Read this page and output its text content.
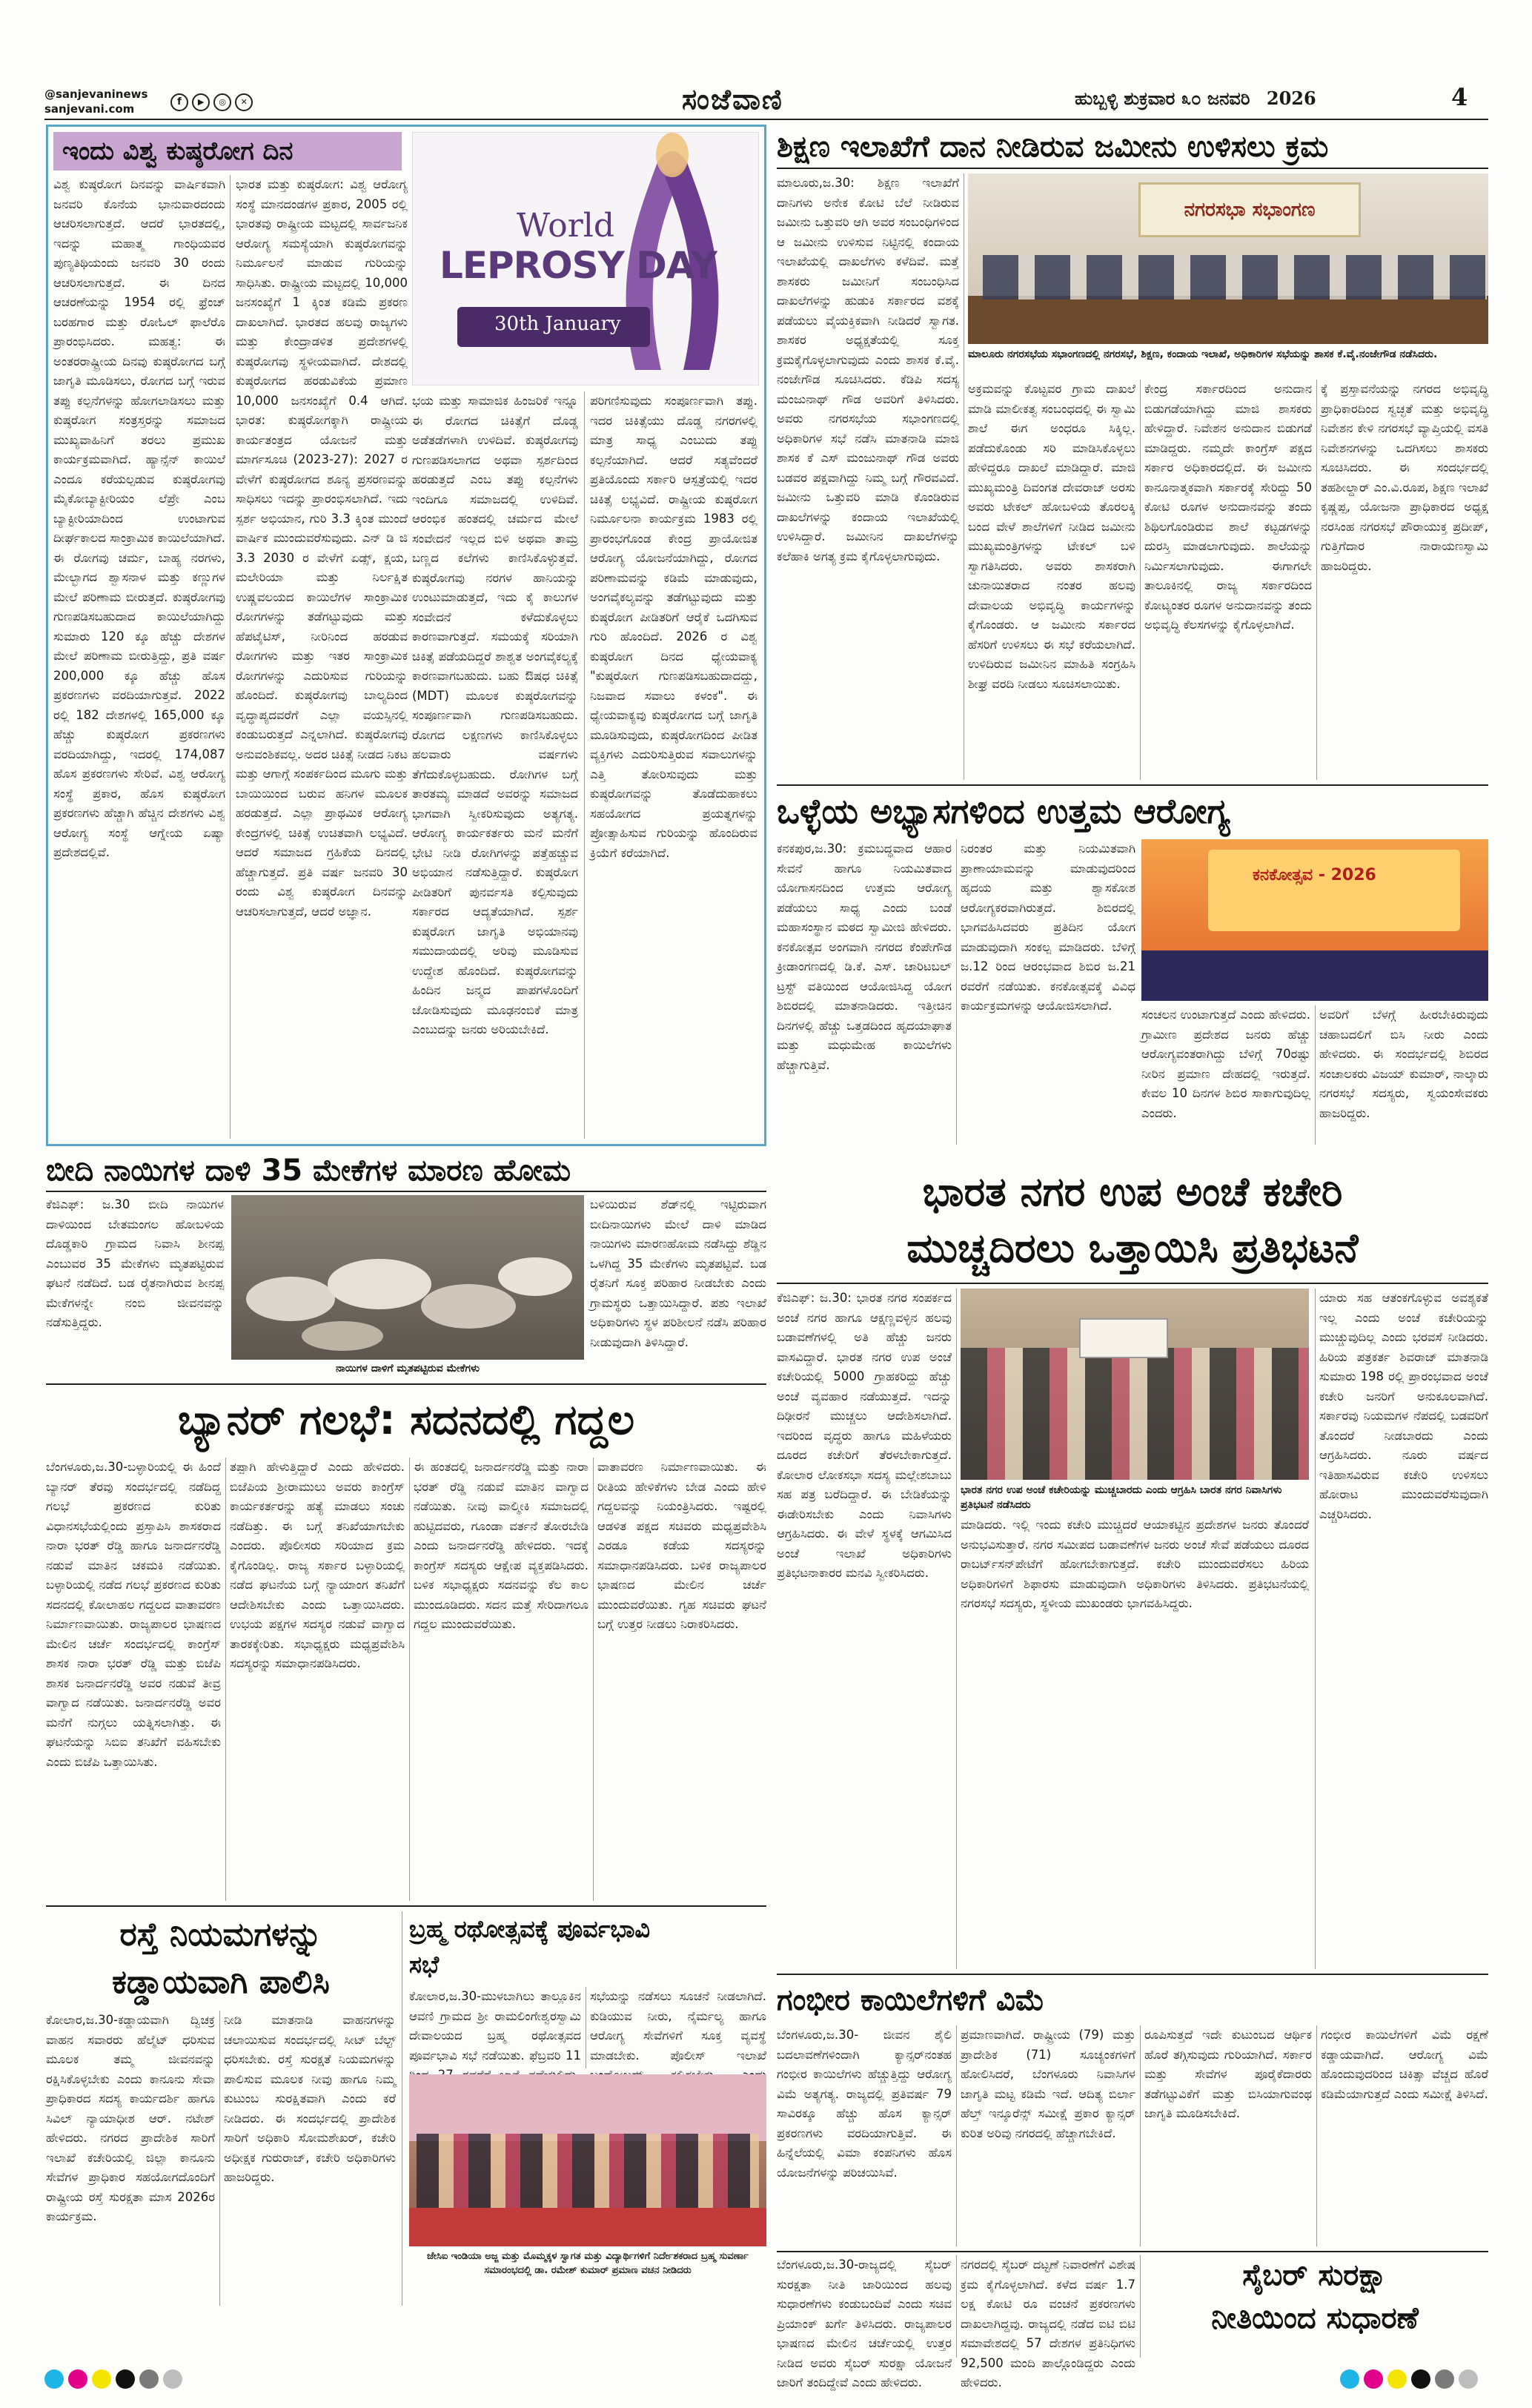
@sanjevaninews
sanjevani.com
f ▶ ◎ ✕	ಸಂಜೆವಾಣಿ	ಹುಬ್ಬಳ್ಳಿ ಶುಕ್ರವಾರ ೩೦ ಜನವರಿ 2026	4
ಇಂದು ವಿಶ್ವ ಕುಷ್ಠರೋಗ ದಿನ
ವಿಶ್ವ ಕುಷ್ಠರೋಗ ದಿನವನ್ನು ವಾರ್ಷಿಕವಾಗಿ ಜನವರಿ ಕೊನೆಯ ಭಾನುವಾರದಂದು ಆಚರಿಸಲಾಗುತ್ತದೆ. ಆದರೆ ಭಾರತದಲ್ಲಿ, ಇದನ್ನು ಮಹಾತ್ಮ ಗಾಂಧಿಯವರ ಪುಣ್ಯತಿಥಿಯಂದು ಜನವರಿ 30 ರಂದು ಆಚರಿಸಲಾಗುತ್ತದೆ. ಈ ದಿನದ ಆಚರಣೆಯನ್ನು 1954 ರಲ್ಲಿ ಫ್ರೆಂಚ್ ಬರಹಗಾರ ಮತ್ತು ರೋಓಲ್ ಫಾಲೆರೊ ಪ್ರಾರಂಭಿಸಿದರು. ಮಹತ್ವ: ಈ ಅಂತರರಾಷ್ಟ್ರೀಯ ದಿನವು ಕುಷ್ಠರೋಗದ ಬಗ್ಗೆ ಜಾಗೃತಿ ಮೂಡಿಸಲು, ರೋಗದ ಬಗ್ಗೆ ಇರುವ ತಪ್ಪು ಕಲ್ಪನೆಗಳನ್ನು ಹೋಗಲಾಡಿಸಲು ಮತ್ತು ಕುಷ್ಠರೋಗ ಸಂತ್ರಸ್ತರನ್ನು ಸಮಾಜದ ಮುಖ್ಯವಾಹಿನಿಗೆ ತರಲು ಪ್ರಮುಖ ಕಾರ್ಯಕ್ರಮವಾಗಿದೆ. ಹ್ಯಾನ್ಸೆನ್ ಕಾಯಿಲೆ ಎಂದೂ ಕರೆಯಲ್ಪಡುವ ಕುಷ್ಠರೋಗವು ಮೈಕೋಬ್ಯಾಕ್ಟೀರಿಯಂ ಲೆಪ್ರೇ ಎಂಬ ಬ್ಯಾಕ್ಟೀರಿಯಾದಿಂದ ಉಂಟಾಗುವ ದೀರ್ಘಕಾಲದ ಸಾಂಕ್ರಾಮಿಕ ಕಾಯಿಲೆಯಾಗಿದೆ. ಈ ರೋಗವು ಚರ್ಮ, ಬಾಹ್ಯ ನರಗಳು, ಮೇಲ್ಭಾಗದ ಶ್ವಾಸನಾಳ ಮತ್ತು ಕಣ್ಣುಗಳ ಮೇಲೆ ಪರಿಣಾಮ ಬೀರುತ್ತದೆ. ಕುಷ್ಠರೋಗವು ಗುಣಪಡಿಸಬಹುದಾದ ಕಾಯಿಲೆಯಾಗಿದ್ದು ಸುಮಾರು 120 ಕ್ಕೂ ಹೆಚ್ಚು ದೇಶಗಳ ಮೇಲೆ ಪರಿಣಾಮ ಬೀರುತ್ತಿದ್ದು, ಪ್ರತಿ ವರ್ಷ 200,000 ಕ್ಕೂ ಹೆಚ್ಚು ಹೊಸ ಪ್ರಕರಣಗಳು ವರದಿಯಾಗುತ್ತವೆ. 2022 ರಲ್ಲಿ 182 ದೇಶಗಳಲ್ಲಿ 165,000 ಕ್ಕೂ ಹೆಚ್ಚು ಕುಷ್ಠರೋಗ ಪ್ರಕರಣಗಳು ವರದಿಯಾಗಿದ್ದು, ಇದರಲ್ಲಿ 174,087 ಹೊಸ ಪ್ರಕರಣಗಳು ಸೇರಿವೆ. ವಿಶ್ವ ಆರೋಗ್ಯ ಸಂಸ್ಥೆ ಪ್ರಕಾರ, ಹೊಸ ಕುಷ್ಠರೋಗ ಪ್ರಕರಣಗಳು ಹೆಚ್ಚಾಗಿ ಹೆಚ್ಚಿನ ದೇಶಗಳು ವಿಶ್ವ ಆರೋಗ್ಯ ಸಂಸ್ಥೆ ಆಗ್ನೇಯ ಏಷ್ಯಾ ಪ್ರದೇಶದಲ್ಲಿವೆ.
ಭಾರತ ಮತ್ತು ಕುಷ್ಠರೋಗ: ವಿಶ್ವ ಆರೋಗ್ಯ ಸಂಸ್ಥೆ ಮಾನದಂಡಗಳ ಪ್ರಕಾರ, 2005 ರಲ್ಲಿ ಭಾರತವು ರಾಷ್ಟ್ರೀಯ ಮಟ್ಟದಲ್ಲಿ ಸಾರ್ವಜನಿಕ ಆರೋಗ್ಯ ಸಮಸ್ಯೆಯಾಗಿ ಕುಷ್ಠರೋಗವನ್ನು ನಿರ್ಮೂಲನೆ ಮಾಡುವ ಗುರಿಯನ್ನು ಸಾಧಿಸಿತು. ರಾಷ್ಟ್ರೀಯ ಮಟ್ಟದಲ್ಲಿ 10,000 ಜನಸಂಖ್ಯೆಗೆ 1 ಕ್ಕಿಂತ ಕಡಿಮೆ ಪ್ರಕರಣ ದಾಖಲಾಗಿದೆ. ಭಾರತದ ಹಲವು ರಾಜ್ಯಗಳು ಮತ್ತು ಕೇಂದ್ರಾಡಳಿತ ಪ್ರದೇಶಗಳಲ್ಲಿ ಕುಷ್ಠರೋಗವು ಸ್ಥಳೀಯವಾಗಿದೆ. ದೇಶದಲ್ಲಿ ಕುಷ್ಠರೋಗದ ಹರಡುವಿಕೆಯ ಪ್ರಮಾಣ 10,000 ಜನಸಂಖ್ಯೆಗೆ 0.4 ಆಗಿದೆ. ಭಾರತ: ಕುಷ್ಠರೋಗಕ್ಕಾಗಿ ರಾಷ್ಟ್ರೀಯ ಕಾರ್ಯತಂತ್ರದ ಯೋಜನೆ ಮತ್ತು ಮಾರ್ಗಸೂಚಿ (2023-27): 2027 ರ ವೇಳೆಗೆ ಕುಷ್ಠರೋಗದ ಶೂನ್ಯ ಪ್ರಸರಣವನ್ನು ಸಾಧಿಸಲು ಇದನ್ನು ಪ್ರಾರಂಭಿಸಲಾಗಿದೆ. ಇದು ಸ್ಪರ್ಶ ಅಭಿಯಾನ, ಗುರಿ 3.3 ಕ್ಕಿಂತ ಮುಂದೆ ವಾರ್ಷಿಕ ಮುಂದುವರೆಸುವುದು. ಎನ್ ಡಿ ಜಿ 3.3 2030 ರ ವೇಳೆಗೆ ಏಡ್ಸ್, ಕ್ಷಯ, ಮಲೇರಿಯಾ ಮತ್ತು ನಿರ್ಲಕ್ಷಿತ ಉಷ್ಣವಲಯದ ಕಾಯಿಲೆಗಳ ಸಾಂಕ್ರಾಮಿಕ ರೋಗಗಳನ್ನು ತಡೆಗಟ್ಟುವುದು ಮತ್ತು ಹೆಪಟೈಟಿಸ್, ನೀರಿನಿಂದ ಹರಡುವ ರೋಗಗಳು ಮತ್ತು ಇತರ ಸಾಂಕ್ರಾಮಿಕ ರೋಗಗಳನ್ನು ಎದುರಿಸುವ ಗುರಿಯನ್ನು ಹೊಂದಿದೆ. ಕುಷ್ಠರೋಗವು ಬಾಲ್ಯದಿಂದ ವೃದ್ಧಾಪ್ಯದವರೆಗೆ ಎಲ್ಲಾ ವಯಸ್ಸಿನಲ್ಲಿ ಕಂಡುಬರುತ್ತದೆ ಎನ್ನಲಾಗಿದೆ. ಕುಷ್ಠರೋಗವು ಅನುವಂಶಿಕವಲ್ಲ. ಅದರ ಚಿಕಿತ್ಸೆ ನೀಡದ ನಿಕಟ ಮತ್ತು ಆಗಾಗ್ಗೆ ಸಂಪರ್ಕದಿಂದ ಮೂಗು ಮತ್ತು ಬಾಯಿಯಿಂದ ಬರುವ ಹನಿಗಳ ಮೂಲಕ ಹರಡುತ್ತದೆ. ಎಲ್ಲಾ ಪ್ರಾಥಮಿಕ ಆರೋಗ್ಯ ಕೇಂದ್ರಗಳಲ್ಲಿ ಚಿಕಿತ್ಸೆ ಉಚಿತವಾಗಿ ಲಭ್ಯವಿದೆ. ಆದರೆ ಸಮಾಜದ ಗ್ರಹಿಕೆಯ ದಿನದಲ್ಲಿ ಹೆಚ್ಚಾಗುತ್ತದೆ. ಪ್ರತಿ ವರ್ಷ ಜನವರಿ 30 ರಂದು ವಿಶ್ವ ಕುಷ್ಠರೋಗ ದಿನವನ್ನು ಆಚರಿಸಲಾಗುತ್ತದೆ, ಆದರೆ ಅಜ್ಞಾನ.
World
LEPROSY DAY
30th January
ಭಯ ಮತ್ತು ಸಾಮಾಜಿಕ ಹಿಂಜರಿಕೆ ಇನ್ನೂ ಈ ರೋಗದ ಚಿಕಿತ್ಸೆಗೆ ದೊಡ್ಡ ಅಡೆತಡೆಗಳಾಗಿ ಉಳಿದಿವೆ. ಕುಷ್ಠರೋಗವು ಗುಣಪಡಿಸಲಾಗದ ಅಥವಾ ಸ್ಪರ್ಶದಿಂದ ಹರಡುತ್ತದೆ ಎಂಬ ತಪ್ಪು ಕಲ್ಪನೆಗಳು ಇಂದಿಗೂ ಸಮಾಜದಲ್ಲಿ ಉಳಿದಿವೆ. ಆರಂಭಿಕ ಹಂತದಲ್ಲಿ ಚರ್ಮದ ಮೇಲೆ ಸಂವೇದನೆ ಇಲ್ಲದ ಬಿಳಿ ಅಥವಾ ತಾಮ್ರ ಬಣ್ಣದ ಕಲೆಗಳು ಕಾಣಿಸಿಕೊಳ್ಳುತ್ತವೆ. ಕುಷ್ಠರೋಗವು ನರಗಳ ಹಾನಿಯನ್ನು ಉಂಟುಮಾಡುತ್ತದೆ, ಇದು ಕೈ ಕಾಲುಗಳ ಸಂವೇದನೆ ಕಳೆದುಕೊಳ್ಳಲು ಕಾರಣವಾಗುತ್ತದೆ. ಸಮಯಕ್ಕೆ ಸರಿಯಾಗಿ ಚಿಕಿತ್ಸೆ ಪಡೆಯದಿದ್ದರೆ ಶಾಶ್ವತ ಅಂಗವೈಕಲ್ಯಕ್ಕೆ ಕಾರಣವಾಗಬಹುದು. ಬಹು ಔಷಧ ಚಿಕಿತ್ಸೆ (MDT) ಮೂಲಕ ಕುಷ್ಠರೋಗವನ್ನು ಸಂಪೂರ್ಣವಾಗಿ ಗುಣಪಡಿಸಬಹುದು. ರೋಗದ ಲಕ್ಷಣಗಳು ಕಾಣಿಸಿಕೊಳ್ಳಲು ಹಲವಾರು ವರ್ಷಗಳು ತೆಗೆದುಕೊಳ್ಳಬಹುದು. ರೋಗಿಗಳ ಬಗ್ಗೆ ತಾರತಮ್ಯ ಮಾಡದೆ ಅವರನ್ನು ಸಮಾಜದ ಭಾಗವಾಗಿ ಸ್ವೀಕರಿಸುವುದು ಅತ್ಯಗತ್ಯ. ಆರೋಗ್ಯ ಕಾರ್ಯಕರ್ತರು ಮನೆ ಮನೆಗೆ ಭೇಟಿ ನೀಡಿ ರೋಗಿಗಳನ್ನು ಪತ್ತೆಹಚ್ಚುವ ಅಭಿಯಾನ ನಡೆಸುತ್ತಿದ್ದಾರೆ. ಕುಷ್ಠರೋಗ ಪೀಡಿತರಿಗೆ ಪುನರ್ವಸತಿ ಕಲ್ಪಿಸುವುದು ಸರ್ಕಾರದ ಆದ್ಯತೆಯಾಗಿದೆ. ಸ್ಪರ್ಶ ಕುಷ್ಠರೋಗ ಜಾಗೃತಿ ಅಭಿಯಾನವು ಸಮುದಾಯದಲ್ಲಿ ಅರಿವು ಮೂಡಿಸುವ ಉದ್ದೇಶ ಹೊಂದಿದೆ. ಕುಷ್ಠರೋಗವನ್ನು ಹಿಂದಿನ ಜನ್ಮದ ಪಾಪಗಳೊಂದಿಗೆ ಜೋಡಿಸುವುದು ಮೂಢನಂಬಿಕೆ ಮಾತ್ರ ಎಂಬುದನ್ನು ಜನರು ಅರಿಯಬೇಕಿದೆ.
ಪರಿಗಣಿಸುವುದು ಸಂಪೂರ್ಣವಾಗಿ ತಪ್ಪು. ಇದರ ಚಿಕಿತ್ಸೆಯು ದೊಡ್ಡ ನಗರಗಳಲ್ಲಿ ಮಾತ್ರ ಸಾಧ್ಯ ಎಂಬುದು ತಪ್ಪು ಕಲ್ಪನೆಯಾಗಿದೆ. ಆದರೆ ಸತ್ಯವೆಂದರೆ ಪ್ರತಿಯೊಂದು ಸರ್ಕಾರಿ ಆಸ್ಪತ್ರೆಯಲ್ಲಿ ಇದರ ಚಿಕಿತ್ಸೆ ಲಭ್ಯವಿದೆ. ರಾಷ್ಟ್ರೀಯ ಕುಷ್ಠರೋಗ ನಿರ್ಮೂಲನಾ ಕಾರ್ಯಕ್ರಮ 1983 ರಲ್ಲಿ ಪ್ರಾರಂಭಗೊಂಡ ಕೇಂದ್ರ ಪ್ರಾಯೋಜಿತ ಆರೋಗ್ಯ ಯೋಜನೆಯಾಗಿದ್ದು, ರೋಗದ ಪರಿಣಾಮವನ್ನು ಕಡಿಮೆ ಮಾಡುವುದು, ಅಂಗವೈಕಲ್ಯವನ್ನು ತಡೆಗಟ್ಟುವುದು ಮತ್ತು ಕುಷ್ಠರೋಗ ಪೀಡಿತರಿಗೆ ಆರೈಕೆ ಒದಗಿಸುವ ಗುರಿ ಹೊಂದಿದೆ. 2026 ರ ವಿಶ್ವ ಕುಷ್ಠರೋಗ ದಿನದ ಧ್ಯೇಯವಾಕ್ಯ "ಕುಷ್ಠರೋಗ ಗುಣಪಡಿಸಬಹುದಾದದ್ದು, ನಿಜವಾದ ಸವಾಲು ಕಳಂಕ". ಈ ಧ್ಯೇಯವಾಕ್ಯವು ಕುಷ್ಠರೋಗದ ಬಗ್ಗೆ ಜಾಗೃತಿ ಮೂಡಿಸುವುದು, ಕುಷ್ಠರೋಗದಿಂದ ಪೀಡಿತ ವ್ಯಕ್ತಿಗಳು ಎದುರಿಸುತ್ತಿರುವ ಸವಾಲುಗಳನ್ನು ಎತ್ತಿ ತೋರಿಸುವುದು ಮತ್ತು ಕುಷ್ಠರೋಗವನ್ನು ತೊಡೆದುಹಾಕಲು ಸಹಯೋಗದ ಪ್ರಯತ್ನಗಳನ್ನು ಪ್ರೋತ್ಸಾಹಿಸುವ ಗುರಿಯನ್ನು ಹೊಂದಿರುವ ಕ್ರಿಯೆಗೆ ಕರೆಯಾಗಿದೆ.
ಶಿಕ್ಷಣ ಇಲಾಖೆಗೆ ದಾನ ನೀಡಿರುವ ಜಮೀನು ಉಳಿಸಲು ಕ್ರಮ
ಮಾಲೂರು,ಜ.30: ಶಿಕ್ಷಣ ಇಲಾಖೆಗೆ ದಾನಿಗಳು ಅನೇಕ ಕೋಟಿ ಬೆಲೆ ನೀಡಿರುವ ಜಮೀನು ಒತ್ತುವರಿ ಆಗಿ ಅವರ ಸಂಬಂಧಿಗಳಿಂದ ಆ ಜಮೀನು ಉಳಿಸುವ ನಿಟ್ಟಿನಲ್ಲಿ ಕಂದಾಯ ಇಲಾಖೆಯಲ್ಲಿ ದಾಖಲೆಗಳು ಕಳೆದಿವೆ. ಮತ್ತೆ ಶಾಸಕರು ಜಮೀನಿಗೆ ಸಂಬಂಧಿಸಿದ ದಾಖಲೆಗಳನ್ನು ಹುಡುಕಿ ಸರ್ಕಾರದ ವಶಕ್ಕೆ ಪಡೆಯಲು ವೈಯಕ್ತಿಕವಾಗಿ ನೀಡಿದರೆ ಸ್ವಾಗತ. ಶಾಸಕರ ಅಧ್ಯಕ್ಷತೆಯಲ್ಲಿ ಸೂಕ್ತ ಕ್ರಮಕೈಗೊಳ್ಳಲಾಗುವುದು ಎಂದು ಶಾಸಕ ಕೆ.ವೈ. ನಂಜೇಗೌಡ ಸೂಚಿಸಿದರು. ಕೆಡಿಪಿ ಸದಸ್ಯ ಮಂಜುನಾಥ್ ಗೌಡ ಅವರಿಗೆ ತಿಳಿಸಿದರು. ಅವರು ನಗರಸಭೆಯ ಸಭಾಂಗಣದಲ್ಲಿ ಅಧಿಕಾರಿಗಳ ಸಭೆ ನಡೆಸಿ ಮಾತನಾಡಿ ಮಾಜಿ ಶಾಸಕ ಕೆ ಎಸ್ ಮಂಜುನಾಥ್ ಗೌಡ ಅವರು ಬಡವರ ಪಕ್ಷವಾಗಿದ್ದು ನಿಮ್ಮ ಬಗ್ಗೆ ಗೌರವವಿದೆ. ಜಮೀನು ಒತ್ತುವರಿ ಮಾಡಿ ಕೊಂಡಿರುವ ದಾಖಲೆಗಳನ್ನು ಕಂದಾಯ ಇಲಾಖೆಯಲ್ಲಿ ಉಳಿಸಿದ್ದಾರೆ. ಜಮೀನಿನ ದಾಖಲೆಗಳನ್ನು ಕಲೆಹಾಕಿ ಅಗತ್ಯ ಕ್ರಮ ಕೈಗೊಳ್ಳಲಾಗುವುದು.
ನಗರಸಭಾ ಸಭಾಂಗಣ
ಮಾಲೂರು ನಗರಸಭೆಯ ಸಭಾಂಗಣದಲ್ಲಿ ನಗರಸಭೆ, ಶಿಕ್ಷಣ, ಕಂದಾಯ ಇಲಾಖೆ, ಅಧಿಕಾರಿಗಳ ಸಭೆಯನ್ನು ಶಾಸಕ ಕೆ.ವೈ.ನಂಜೇಗೌಡ ನಡೆಸಿದರು.
ಅಕ್ರಮವನ್ನು ಕೊಟ್ಟವರ ಗ್ರಾಮ ದಾಖಲೆ ಮಾಡಿ ಮಾಲೀಕತ್ವ ಸಂಬಂಧದಲ್ಲಿ ಈ ಸ್ವಾಮಿ ಶಾಲೆ ಈಗ ಅಂಧರೂ ಸಿಕ್ಕಿಲ್ಲ. ಪಡೆದುಕೊಂಡು ಸರಿ ಮಾಡಿಸಿಕೊಳ್ಳಲು ಹೇಳಿದ್ದರೂ ದಾಖಲೆ ಮಾಡಿದ್ದಾರೆ. ಮಾಜಿ ಮುಖ್ಯಮಂತ್ರಿ ದಿವಂಗತ ದೇವರಾಜ್ ಅರಸು ಅವರು ಟೇಕಲ್ ಹೋಬಳಿಯ ತೊರಲಕ್ಕಿ ಬಂದ ವೇಳೆ ಶಾಲೆಗಳಿಗೆ ನೀಡಿದ ಜಮೀನು ಮುಖ್ಯಮಂತ್ರಿಗಳನ್ನು ಟೇಕಲ್ ಬಳಿ ಸ್ವಾಗತಿಸಿದರು. ಅವರು ಶಾಸಕರಾಗಿ ಚುನಾಯಿತರಾದ ನಂತರ ಹಲವು ದೇವಾಲಯ ಅಭಿವೃದ್ಧಿ ಕಾರ್ಯಗಳನ್ನು ಕೈಗೊಂಡರು. ಆ ಜಮೀನು ಸರ್ಕಾರದ ಹೆಸರಿಗೆ ಉಳಿಸಲು ಈ ಸಭೆ ಕರೆಯಲಾಗಿದೆ. ಉಳಿದಿರುವ ಜಮೀನಿನ ಮಾಹಿತಿ ಸಂಗ್ರಹಿಸಿ ಶೀಘ್ರ ವರದಿ ನೀಡಲು ಸೂಚಿಸಲಾಯಿತು.
ಕೇಂದ್ರ ಸರ್ಕಾರದಿಂದ ಅನುದಾನ ಬಿಡುಗಡೆಯಾಗಿದ್ದು ಮಾಜಿ ಶಾಸಕರು ಹೇಳಿದ್ದಾರೆ. ನಿವೇಶನ ಅನುದಾನ ಬಿಡುಗಡೆ ಮಾಡಿದ್ದರು. ನಮ್ಮದೇ ಕಾಂಗ್ರೆಸ್ ಪಕ್ಷದ ಸರ್ಕಾರ ಅಧಿಕಾರದಲ್ಲಿದೆ. ಈ ಜಮೀನು ಕಾನೂನಾತ್ಮಕವಾಗಿ ಸರ್ಕಾರಕ್ಕೆ ಸೇರಿದ್ದು 50 ಕೋಟಿ ರೂಗಳ ಅನುದಾನವನ್ನು ತಂದು ಶಿಥಿಲಗೊಂಡಿರುವ ಶಾಲೆ ಕಟ್ಟಡಗಳನ್ನು ದುರಸ್ತಿ ಮಾಡಲಾಗುವುದು. ಶಾಲೆಯನ್ನು ನಿರ್ಮಿಸಲಾಗುವುದು. ಈಗಾಗಲೇ ತಾಲೂಕಿನಲ್ಲಿ ರಾಜ್ಯ ಸರ್ಕಾರದಿಂದ ಕೋಟ್ಯಂತರ ರೂಗಳ ಅನುದಾನವನ್ನು ತಂದು ಅಭಿವೃದ್ಧಿ ಕೆಲಸಗಳನ್ನು ಕೈಗೊಳ್ಳಲಾಗಿದೆ.
ಕ್ಕೆ ಪ್ರಸ್ತಾವನೆಯನ್ನು ನಗರದ ಅಭಿವೃದ್ಧಿ ಪ್ರಾಧಿಕಾರದಿಂದ ಸ್ವಚ್ಛತೆ ಮತ್ತು ಅಭಿವೃದ್ಧಿ ನಿವೇಶನ ಕೇಳಿ ನಗರಸಭೆ ವ್ಯಾಪ್ತಿಯಲ್ಲಿ ವಸತಿ ನಿವೇಶನಗಳನ್ನು ಒದಗಿಸಲು ಶಾಸಕರು ಸೂಚಿಸಿದರು. ಈ ಸಂದರ್ಭದಲ್ಲಿ ತಹಶೀಲ್ದಾರ್ ಎಂ.ವಿ.ರೂಪ, ಶಿಕ್ಷಣ ಇಲಾಖೆ ಕೃಷ್ಣಪ್ಪ, ಯೋಜನಾ ಪ್ರಾಧಿಕಾರದ ಅಧ್ಯಕ್ಷ ನರಸಿಂಹ ನಗರಸಭೆ ಪೌರಾಯುಕ್ತ ಪ್ರದೀಪ್, ಗುತ್ತಿಗೆದಾರ ನಾರಾಯಣಸ್ವಾಮಿ ಹಾಜರಿದ್ದರು.
ಒಳ್ಳೆಯ ಅಭ್ಯಾಸಗಳಿಂದ ಉತ್ತಮ ಆರೋಗ್ಯ
ಕನಕಪುರ,ಜ.30: ಕ್ರಮಬದ್ಧವಾದ ಆಹಾರ ಸೇವನೆ ಹಾಗೂ ನಿಯಮಿತವಾದ ಯೋಗಾಸನದಿಂದ ಉತ್ತಮ ಆರೋಗ್ಯ ಪಡೆಯಲು ಸಾಧ್ಯ ಎಂದು ಬಂಡೆ ಮಹಾಸಂಸ್ಥಾನ ಮಠದ ಸ್ವಾಮೀಜಿ ಹೇಳಿದರು. ಕನಕೋತ್ಸವ ಅಂಗವಾಗಿ ನಗರದ ಕೆಂಪೇಗೌಡ ಕ್ರೀಡಾಂಗಣದಲ್ಲಿ ಡಿ.ಕೆ. ಎಸ್. ಚಾರಿಟಬಲ್ ಟ್ರಸ್ಟ್ ವತಿಯಿಂದ ಆಯೋಜಿಸಿದ್ದ ಯೋಗ ಶಿಬಿರದಲ್ಲಿ ಮಾತನಾಡಿದರು. ಇತ್ತೀಚಿನ ದಿನಗಳಲ್ಲಿ ಹೆಚ್ಚು ಒತ್ತಡದಿಂದ ಹೃದಯಾಘಾತ ಮತ್ತು ಮಧುಮೇಹ ಕಾಯಿಲೆಗಳು ಹೆಚ್ಚಾಗುತ್ತಿವೆ.
ನಿರಂತರ ಮತ್ತು ನಿಯಮಿತವಾಗಿ ಪ್ರಾಣಾಯಾಮವನ್ನು ಮಾಡುವುದರಿಂದ ಹೃದಯ ಮತ್ತು ಶ್ವಾಸಕೋಶ ಆರೋಗ್ಯಕರವಾಗಿರುತ್ತದೆ. ಶಿಬಿರದಲ್ಲಿ ಭಾಗವಹಿಸಿದವರು ಪ್ರತಿದಿನ ಯೋಗ ಮಾಡುವುದಾಗಿ ಸಂಕಲ್ಪ ಮಾಡಿದರು. ಬೆಳಿಗ್ಗೆ ಜ.12 ರಿಂದ ಆರಂಭವಾದ ಶಿಬಿರ ಜ.21 ರವರೆಗೆ ನಡೆಯಿತು. ಕನಕೋತ್ಸವಕ್ಕೆ ವಿವಿಧ ಕಾರ್ಯಕ್ರಮಗಳನ್ನು ಆಯೋಜಿಸಲಾಗಿದೆ.
ಕನಕೋತ್ಸವ - 2026
ಸಂಚಲನ ಉಂಟಾಗುತ್ತದೆ ಎಂದು ಹೇಳಿದರು. ಗ್ರಾಮೀಣ ಪ್ರದೇಶದ ಜನರು ಹೆಚ್ಚು ಆರೋಗ್ಯವಂತರಾಗಿದ್ದು ಬೆಳಿಗ್ಗೆ 70ರಷ್ಟು ನೀರಿನ ಪ್ರಮಾಣ ದೇಹದಲ್ಲಿ ಇರುತ್ತದೆ. ಕೇವಲ 10 ದಿನಗಳ ಶಿಬಿರ ಸಾಕಾಗುವುದಿಲ್ಲ ಎಂದರು.
ಅವರಿಗೆ ಬೆಳಗ್ಗೆ ಹೀರಬೇಕಿರುವುದು ಚಹಾಬದಲಿಗೆ ಬಿಸಿ ನೀರು ಎಂದು ಹೇಳಿದರು. ಈ ಸಂದರ್ಭದಲ್ಲಿ ಶಿಬಿರದ ಸಂಚಾಲಕರು ವಿಜಯ್ ಕುಮಾರ್, ನಾಲ್ಕಾರು ನಗರಸಭೆ ಸದಸ್ಯರು, ಸ್ವಯಂಸೇವಕರು ಹಾಜರಿದ್ದರು.
ಬೀದಿ ನಾಯಿಗಳ ದಾಳಿ 35 ಮೇಕೆಗಳ ಮಾರಣ ಹೋಮ
ಕೆಜಿಎಫ್: ಜ.30 ಬೀದಿ ನಾಯಿಗಳ ದಾಳಿಯಿಂದ ಬೇತಮಂಗಲ ಹೋಬಳಿಯ ದೊಡ್ಡಕಾರಿ ಗ್ರಾಮದ ನಿವಾಸಿ ಶೀನಪ್ಪ ಎಂಬುವರ 35 ಮೇಕೆಗಳು ಮೃತಪಟ್ಟಿರುವ ಘಟನೆ ನಡೆದಿದೆ. ಬಡ ರೈತನಾಗಿರುವ ಶೀನಪ್ಪ ಮೇಕೆಗಳನ್ನೇ ನಂಬಿ ಜೀವನವನ್ನು ನಡೆಸುತ್ತಿದ್ದರು.
ನಾಯಿಗಳ ದಾಳಿಗೆ ಮೃತಪಟ್ಟಿರುವ ಮೇಕೆಗಳು
ಬಳಿಯಿರುವ ಶೆಡ್‌ನಲ್ಲಿ ಇಟ್ಟಿರುವಾಗ ಬೀದಿನಾಯಿಗಳು ಮೇಲೆ ದಾಳಿ ಮಾಡಿದ ನಾಯಿಗಳು ಮಾರಣಹೋಮ ನಡೆಸಿದ್ದು ಶೆಡ್ಡಿನ ಒಳಗಿದ್ದ 35 ಮೇಕೆಗಳು ಮೃತಪಟ್ಟಿವೆ. ಬಡ ರೈತನಿಗೆ ಸೂಕ್ತ ಪರಿಹಾರ ನೀಡಬೇಕು ಎಂದು ಗ್ರಾಮಸ್ಥರು ಒತ್ತಾಯಿಸಿದ್ದಾರೆ. ಪಶು ಇಲಾಖೆ ಅಧಿಕಾರಿಗಳು ಸ್ಥಳ ಪರಿಶೀಲನೆ ನಡೆಸಿ ಪರಿಹಾರ ನೀಡುವುದಾಗಿ ತಿಳಿಸಿದ್ದಾರೆ.
ಭಾರತ ನಗರ ಉಪ ಅಂಚೆ ಕಚೇರಿ
ಮುಚ್ಚದಿರಲು ಒತ್ತಾಯಿಸಿ ಪ್ರತಿಭಟನೆ
ಕೆಜಿಎಫ್: ಜ.30: ಭಾರತ ನಗರ ಸಂಪರ್ಕದ ಅಂಚೆ ನಗರ ಹಾಗೂ ಆಕ್ಷಣ್ಣವಳ್ಳಿನ ಹಲವು ಬಡಾವಣೆಗಳಲ್ಲಿ ಅತಿ ಹೆಚ್ಚು ಜನರು ವಾಸವಿದ್ದಾರೆ. ಭಾರತ ನಗರ ಉಪ ಅಂಚೆ ಕಚೇರಿಯಲ್ಲಿ 5000 ಗ್ರಾಹಕರಿದ್ದು ಹೆಚ್ಚು ಅಂಚೆ ವ್ಯವಹಾರ ನಡೆಯುತ್ತದೆ. ಇದನ್ನು ದಿಢೀರನೆ ಮುಚ್ಚಲು ಆದೇಶಿಸಲಾಗಿದೆ. ಇದರಿಂದ ವೃದ್ಧರು ಹಾಗೂ ಮಹಿಳೆಯರು ದೂರದ ಕಚೇರಿಗೆ ತೆರಳಬೇಕಾಗುತ್ತದೆ. ಕೋಲಾರ ಲೋಕಸಭಾ ಸದಸ್ಯ ಮಲ್ಲೇಶಬಾಬು ಸಹ ಪತ್ರ ಬರೆದಿದ್ದಾರೆ. ಈ ಬೇಡಿಕೆಯನ್ನು ಈಡೇರಿಸಬೇಕು ಎಂದು ನಿವಾಸಿಗಳು ಆಗ್ರಹಿಸಿದರು. ಈ ವೇಳೆ ಸ್ಥಳಕ್ಕೆ ಆಗಮಿಸಿದ ಅಂಚೆ ಇಲಾಖೆ ಅಧಿಕಾರಿಗಳು ಪ್ರತಿಭಟನಾಕಾರರ ಮನವಿ ಸ್ವೀಕರಿಸಿದರು.
ಭಾರತ ನಗರ ಉಪ ಅಂಚೆ ಕಚೇರಿಯನ್ನು ಮುಚ್ಚಬಾರದು ಎಂದು ಆಗ್ರಹಿಸಿ ಬಾರತ ನಗರ ನಿವಾಸಿಗಳು ಪ್ರತಿಭಟನೆ ನಡೆಸಿದರು
ಮಾಡಿದರು. ಇಲ್ಲಿ ಇಂದು ಕಚೇರಿ ಮುಚ್ಚಿದರೆ ಆಯಾಕಟ್ಟಿನ ಪ್ರದೇಶಗಳ ಜನರು ತೊಂದರೆ ಅನುಭವಿಸುತ್ತಾರೆ. ನಗರ ಸಮೀಪದ ಬಡಾವಣೆಗಳ ಜನರು ಅಂಚೆ ಸೇವೆ ಪಡೆಯಲು ದೂರದ ರಾಬರ್ಟ್‌ಸನ್‌ಪೇಟೆಗೆ ಹೋಗಬೇಕಾಗುತ್ತದೆ. ಕಚೇರಿ ಮುಂದುವರೆಸಲು ಹಿರಿಯ ಅಧಿಕಾರಿಗಳಿಗೆ ಶಿಫಾರಸು ಮಾಡುವುದಾಗಿ ಅಧಿಕಾರಿಗಳು ತಿಳಿಸಿದರು. ಪ್ರತಿಭಟನೆಯಲ್ಲಿ ನಗರಸಭೆ ಸದಸ್ಯರು, ಸ್ಥಳೀಯ ಮುಖಂಡರು ಭಾಗವಹಿಸಿದ್ದರು.
ಯಾರು ಸಹ ಆತಂಕಗೊಳ್ಳುವ ಅವಶ್ಯಕತೆ ಇಲ್ಲ ಎಂದು ಅಂಚೆ ಕಚೇರಿಯನ್ನು ಮುಚ್ಚುವುದಿಲ್ಲ ಎಂದು ಭರವಸೆ ನೀಡಿದರು. ಹಿರಿಯ ಪತ್ರಕರ್ತ ಶಿವರಾಜ್ ಮಾತನಾಡಿ ಸುಮಾರು 198 ರಲ್ಲಿ ಪ್ರಾರಂಭವಾದ ಅಂಚೆ ಕಚೇರಿ ಜನರಿಗೆ ಅನುಕೂಲವಾಗಿದೆ. ಸರ್ಕಾರವು ನಿಯಮಗಳ ನೆಪದಲ್ಲಿ ಬಡವರಿಗೆ ತೊಂದರೆ ನೀಡಬಾರದು ಎಂದು ಆಗ್ರಹಿಸಿದರು. ನೂರು ವರ್ಷದ ಇತಿಹಾಸವಿರುವ ಕಚೇರಿ ಉಳಿಸಲು ಹೋರಾಟ ಮುಂದುವರೆಸುವುದಾಗಿ ಎಚ್ಚರಿಸಿದರು.
ಬ್ಯಾನರ್ ಗಲಭೆ: ಸದನದಲ್ಲಿ ಗದ್ದಲ
ಬೆಂಗಳೂರು,ಜ.30-ಬಳ್ಳಾರಿಯಲ್ಲಿ ಈ ಹಿಂದೆ ಬ್ಯಾನರ್ ತೆರವು ಸಂದರ್ಭದಲ್ಲಿ ನಡೆದಿದ್ದ ಗಲಭೆ ಪ್ರಕರಣದ ಕುರಿತು ವಿಧಾನಸಭೆಯಲ್ಲಿಂದು ಪ್ರಸ್ತಾಪಿಸಿ ಶಾಸಕರಾದ ನಾರಾ ಭರತ್ ರೆಡ್ಡಿ ಹಾಗೂ ಜನಾರ್ದನರೆಡ್ಡಿ ನಡುವೆ ಮಾತಿನ ಚಕಮಕಿ ನಡೆಯಿತು. ಬಳ್ಳಾರಿಯಲ್ಲಿ ನಡೆದ ಗಲಭೆ ಪ್ರಕರಣದ ಕುರಿತು ಸದನದಲ್ಲಿ ಕೋಲಾಹಲ ಗದ್ದಲದ ವಾತಾವರಣ ನಿರ್ಮಾಣವಾಯಿತು. ರಾಜ್ಯಪಾಲರ ಭಾಷಣದ ಮೇಲಿನ ಚರ್ಚೆ ಸಂದರ್ಭದಲ್ಲಿ ಕಾಂಗ್ರೆಸ್ ಶಾಸಕ ನಾರಾ ಭರತ್ ರೆಡ್ಡಿ ಮತ್ತು ಬಿಜೆಪಿ ಶಾಸಕ ಜನಾರ್ದನರೆಡ್ಡಿ ಅವರ ನಡುವೆ ತೀವ್ರ ವಾಗ್ವಾದ ನಡೆಯಿತು. ಜನಾರ್ದನರೆಡ್ಡಿ ಅವರ ಮನೆಗೆ ನುಗ್ಗಲು ಯತ್ನಿಸಲಾಗಿತ್ತು. ಈ ಘಟನೆಯನ್ನು ಸಿಬಿಐ ತನಿಖೆಗೆ ವಹಿಸಬೇಕು ಎಂದು ಬಿಜೆಪಿ ಒತ್ತಾಯಿಸಿತು.
ತಪ್ಪಾಗಿ ಹೇಳುತ್ತಿದ್ದಾರೆ ಎಂದು ಹೇಳಿದರು. ಬಿಜೆಪಿಯ ಶ್ರೀರಾಮುಲು ಅವರು ಕಾಂಗ್ರೆಸ್ ಕಾರ್ಯಕರ್ತರನ್ನು ಹತ್ಯೆ ಮಾಡಲು ಸಂಚು ನಡೆದಿತ್ತು. ಈ ಬಗ್ಗೆ ತನಿಖೆಯಾಗಬೇಕು ಎಂದರು. ಪೊಲೀಸರು ಸರಿಯಾದ ಕ್ರಮ ಕೈಗೊಂಡಿಲ್ಲ. ರಾಜ್ಯ ಸರ್ಕಾರ ಬಳ್ಳಾರಿಯಲ್ಲಿ ನಡೆದ ಘಟನೆಯ ಬಗ್ಗೆ ನ್ಯಾಯಾಂಗ ತನಿಖೆಗೆ ಆದೇಶಿಸಬೇಕು ಎಂದು ಒತ್ತಾಯಿಸಿದರು. ಉಭಯ ಪಕ್ಷಗಳ ಸದಸ್ಯರ ನಡುವೆ ವಾಗ್ವಾದ ತಾರಕಕ್ಕೇರಿತು. ಸಭಾಧ್ಯಕ್ಷರು ಮಧ್ಯಪ್ರವೇಶಿಸಿ ಸದಸ್ಯರನ್ನು ಸಮಾಧಾನಪಡಿಸಿದರು.
ಈ ಹಂತದಲ್ಲಿ ಜನಾರ್ದನರೆಡ್ಡಿ ಮತ್ತು ನಾರಾ ಭರತ್ ರೆಡ್ಡಿ ನಡುವೆ ಮಾತಿನ ವಾಗ್ವಾದ ನಡೆಯಿತು. ನೀವು ವಾಲ್ಮೀಕಿ ಸಮಾಜದಲ್ಲಿ ಹುಟ್ಟಿದವರು, ಗೂಂಡಾ ವರ್ತನೆ ತೋರಬೇಡಿ ಎಂದು ಜನಾರ್ದನರೆಡ್ಡಿ ಹೇಳಿದರು. ಇದಕ್ಕೆ ಕಾಂಗ್ರೆಸ್ ಸದಸ್ಯರು ಆಕ್ಷೇಪ ವ್ಯಕ್ತಪಡಿಸಿದರು. ಬಳಿಕ ಸಭಾಧ್ಯಕ್ಷರು ಸದನವನ್ನು ಕೆಲ ಕಾಲ ಮುಂದೂಡಿದರು. ಸದನ ಮತ್ತೆ ಸೇರಿದಾಗಲೂ ಗದ್ದಲ ಮುಂದುವರೆಯಿತು.
ವಾತಾವರಣ ನಿರ್ಮಾಣವಾಯಿತು. ಈ ರೀತಿಯ ಹೇಳಿಕೆಗಳು ಬೇಡ ಎಂದು ಹೇಳಿ ಗದ್ದಲವನ್ನು ನಿಯಂತ್ರಿಸಿದರು. ಇಷ್ಟರಲ್ಲಿ ಆಡಳಿತ ಪಕ್ಷದ ಸಚಿವರು ಮಧ್ಯಪ್ರವೇಶಿಸಿ ಎರಡೂ ಕಡೆಯ ಸದಸ್ಯರನ್ನು ಸಮಾಧಾನಪಡಿಸಿದರು. ಬಳಿಕ ರಾಜ್ಯಪಾಲರ ಭಾಷಣದ ಮೇಲಿನ ಚರ್ಚೆ ಮುಂದುವರೆಯಿತು. ಗೃಹ ಸಚಿವರು ಘಟನೆ ಬಗ್ಗೆ ಉತ್ತರ ನೀಡಲು ನಿರಾಕರಿಸಿದರು.
ಗಂಭೀರ ಕಾಯಿಲೆಗಳಿಗೆ ವಿಮೆ
ಬೆಂಗಳೂರು,ಜ.30- ಜೀವನ ಶೈಲಿ ಬದಲಾವಣೆಗಳಿಂದಾಗಿ ಕ್ಯಾನ್ಸರ್‌ನಂತಹ ಗಂಭೀರ ಕಾಯಿಲೆಗಳು ಹೆಚ್ಚುತ್ತಿದ್ದು ಆರೋಗ್ಯ ವಿಮೆ ಅತ್ಯಗತ್ಯ. ರಾಜ್ಯದಲ್ಲಿ ಪ್ರತಿವರ್ಷ 79 ಸಾವಿರಕ್ಕೂ ಹೆಚ್ಚು ಹೊಸ ಕ್ಯಾನ್ಸರ್ ಪ್ರಕರಣಗಳು ವರದಿಯಾಗುತ್ತಿವೆ. ಈ ಹಿನ್ನೆಲೆಯಲ್ಲಿ ವಿಮಾ ಕಂಪನಿಗಳು ಹೊಸ ಯೋಜನೆಗಳನ್ನು ಪರಿಚಯಿಸಿವೆ.
ಪ್ರಮಾಣವಾಗಿದೆ. ರಾಷ್ಟ್ರೀಯ (79) ಮತ್ತು ಪ್ರಾದೇಶಿಕ (71) ಸೂಚ್ಯಂಕಗಳಿಗೆ ಹೋಲಿಸಿದರೆ, ಬೆಂಗಳೂರು ನಿವಾಸಿಗಳ ಜಾಗೃತಿ ಮಟ್ಟ ಕಡಿಮೆ ಇದೆ. ಆದಿತ್ಯ ಬಿರ್ಲಾ ಹೆಲ್ತ್ ಇನ್ಶೂರೆನ್ಸ್ ಸಮೀಕ್ಷೆ ಪ್ರಕಾರ ಕ್ಯಾನ್ಸರ್ ಕುರಿತ ಅರಿವು ನಗರದಲ್ಲಿ ಹೆಚ್ಚಾಗಬೇಕಿದೆ.
ರೂಪಿಸುತ್ತದೆ ಇದೇ ಕುಟುಂಬದ ಆರ್ಥಿಕ ಹೊರೆ ತಗ್ಗಿಸುವುದು ಗುರಿಯಾಗಿದೆ. ಸರ್ಕಾರ ಮತ್ತು ಸೇವೆಗಳ ಪೂರೈಕೆದಾರರು ತಡೆಗಟ್ಟುವಿಕೆಗೆ ಮತ್ತು ಬಿಸಿಯಾಗುವಂಥ ಜಾಗೃತಿ ಮೂಡಿಸಬೇಕಿದೆ.
ಗಂಭೀರ ಕಾಯಿಲೆಗಳಿಗೆ ವಿಮೆ ರಕ್ಷಣೆ ಕಡ್ಡಾಯವಾಗಿದೆ. ಆರೋಗ್ಯ ವಿಮೆ ಹೊಂದುವುದರಿಂದ ಚಿಕಿತ್ಸಾ ವೆಚ್ಚದ ಹೊರೆ ಕಡಿಮೆಯಾಗುತ್ತದೆ ಎಂದು ಸಮೀಕ್ಷೆ ತಿಳಿಸಿದೆ.
ರಸ್ತೆ ನಿಯಮಗಳನ್ನು
ಕಡ್ಡಾಯವಾಗಿ ಪಾಲಿಸಿ
ಕೋಲಾರ,ಜ.30-ಕಡ್ಡಾಯವಾಗಿ ದ್ವಿಚಕ್ರ ವಾಹನ ಸವಾರರು ಹೆಲ್ಮೆಟ್ ಧರಿಸುವ ಮೂಲಕ ತಮ್ಮ ಜೀವನವನ್ನು ರಕ್ಷಿಸಿಕೊಳ್ಳಬೇಕು ಎಂದು ಕಾನೂನು ಸೇವಾ ಪ್ರಾಧಿಕಾರದ ಸದಸ್ಯ ಕಾರ್ಯದರ್ಶಿ ಹಾಗೂ ಸಿವಿಲ್ ನ್ಯಾಯಾಧೀಶ ಆರ್. ನಟೇಶ್ ಹೇಳಿದರು. ನಗರದ ಪ್ರಾದೇಶಿಕ ಸಾರಿಗೆ ಇಲಾಖೆ ಕಚೇರಿಯಲ್ಲಿ ಜಿಲ್ಲಾ ಕಾನೂನು ಸೇವೆಗಳ ಪ್ರಾಧಿಕಾರ ಸಹಯೋಗದೊಂದಿಗೆ ರಾಷ್ಟ್ರೀಯ ರಸ್ತೆ ಸುರಕ್ಷತಾ ಮಾಸ 2026ರ ಕಾರ್ಯಕ್ರಮ.
ನೀಡಿ ಮಾತನಾಡಿ ವಾಹನಗಳನ್ನು ಚಲಾಯಿಸುವ ಸಂದರ್ಭದಲ್ಲಿ ಸೀಟ್ ಬೆಲ್ಟ್ ಧರಿಸಬೇಕು. ರಸ್ತೆ ಸುರಕ್ಷತೆ ನಿಯಮಗಳನ್ನು ಪಾಲಿಸುವ ಮೂಲಕ ನೀವು ಹಾಗೂ ನಿಮ್ಮ ಕುಟುಂಬ ಸುರಕ್ಷಿತವಾಗಿ ಎಂದು ಕರೆ ನೀಡಿದರು. ಈ ಸಂದರ್ಭದಲ್ಲಿ ಪ್ರಾದೇಶಿಕ ಸಾರಿಗೆ ಅಧಿಕಾರಿ ಸೋಮಶೇಖರ್, ಕಚೇರಿ ಅಧೀಕ್ಷಕ ಗುರುರಾಜ್, ಕಚೇರಿ ಅಧಿಕಾರಿಗಳು ಹಾಜರಿದ್ದರು.
ಬ್ರಹ್ಮ ರಥೋತ್ಸವಕ್ಕೆ ಪೂರ್ವಭಾವಿ
ಸಭೆ
ಕೋಲಾರ,ಜ.30-ಮುಳಬಾಗಿಲು ತಾಲ್ಲೂಕಿನ ಆವಣಿ ಗ್ರಾಮದ ಶ್ರೀ ರಾಮಲಿಂಗೇಶ್ವರಸ್ವಾಮಿ ದೇವಾಲಯದ ಬ್ರಹ್ಮ ರಥೋತ್ಸವದ ಪೂರ್ವಭಾವಿ ಸಭೆ ನಡೆಯಿತು. ಫೆಬ್ರವರಿ 11
ಸಭೆಯನ್ನು ನಡೆಸಲು ಸೂಚನೆ ನೀಡಲಾಗಿದೆ. ಕುಡಿಯುವ ನೀರು, ನೈರ್ಮಲ್ಯ ಹಾಗೂ ಆರೋಗ್ಯ ಸೇವೆಗಳಿಗೆ ಸೂಕ್ತ ವ್ಯವಸ್ಥೆ ಮಾಡಬೇಕು. ಪೊಲೀಸ್ ಇಲಾಖೆ
ಜೇಸಿಐ ಇಂಡಿಯಾ ಅಜ್ಜ ಮತ್ತು ಮೊಮ್ಮಕ್ಕಳ ಸ್ವಾಗತ ಮತ್ತು ವಿದ್ಯಾರ್ಥಿಗಳಿಗೆ ನಿರ್ದೇಶಕರಾದ ಬ್ರಹ್ಮ ಸುವರ್ಣಾ ಸಮಾರಂಭದಲ್ಲಿ ಡಾ. ರಮೇಶ್ ಕುಮಾರ್ ಪ್ರಮಾಣ ವಚನ ನೀಡಿದರು	ಸೈಬರ್ ಸುರಕ್ಷಾ
ನೀತಿಯಿಂದ ಸುಧಾರಣೆ
ಬೆಂಗಳೂರು,ಜ.30-ರಾಜ್ಯದಲ್ಲಿ ಸೈಬರ್ ಸುರಕ್ಷತಾ ನೀತಿ ಜಾರಿಯಿಂದ ಹಲವು ಸುಧಾರಣೆಗಳು ಕಂಡುಬಂದಿವೆ ಎಂದು ಸಚಿವ ಪ್ರಿಯಾಂಕ್ ಖರ್ಗೆ ತಿಳಿಸಿದರು. ರಾಜ್ಯಪಾಲರ ಭಾಷಣದ ಮೇಲಿನ ಚರ್ಚೆಯಲ್ಲಿ ಉತ್ತರ ನೀಡಿದ ಅವರು ಸೈಬರ್ ಸುರಕ್ಷಾ ಯೋಜನೆ ಜಾರಿಗೆ ತಂದಿದ್ದೇವೆ ಎಂದು ಹೇಳಿದರು.
ನಗರದಲ್ಲಿ ಸೈಬರ್ ದಟ್ಟಣೆ ನಿವಾರಣೆಗೆ ವಿಶೇಷ ಕ್ರಮ ಕೈಗೊಳ್ಳಲಾಗಿದೆ. ಕಳೆದ ವರ್ಷ 1.7 ಲಕ್ಷ ಕೋಟಿ ರೂ ವಂಚನೆ ಪ್ರಕರಣಗಳು ದಾಖಲಾಗಿದ್ದವು. ರಾಜ್ಯದಲ್ಲಿ ನಡೆದ ಐಟಿ ಬಿಟಿ ಸಮಾವೇಶದಲ್ಲಿ 57 ದೇಶಗಳ ಪ್ರತಿನಿಧಿಗಳು 92,500 ಮಂದಿ ಪಾಲ್ಗೊಂಡಿದ್ದರು ಎಂದು ಹೇಳಿದರು.
